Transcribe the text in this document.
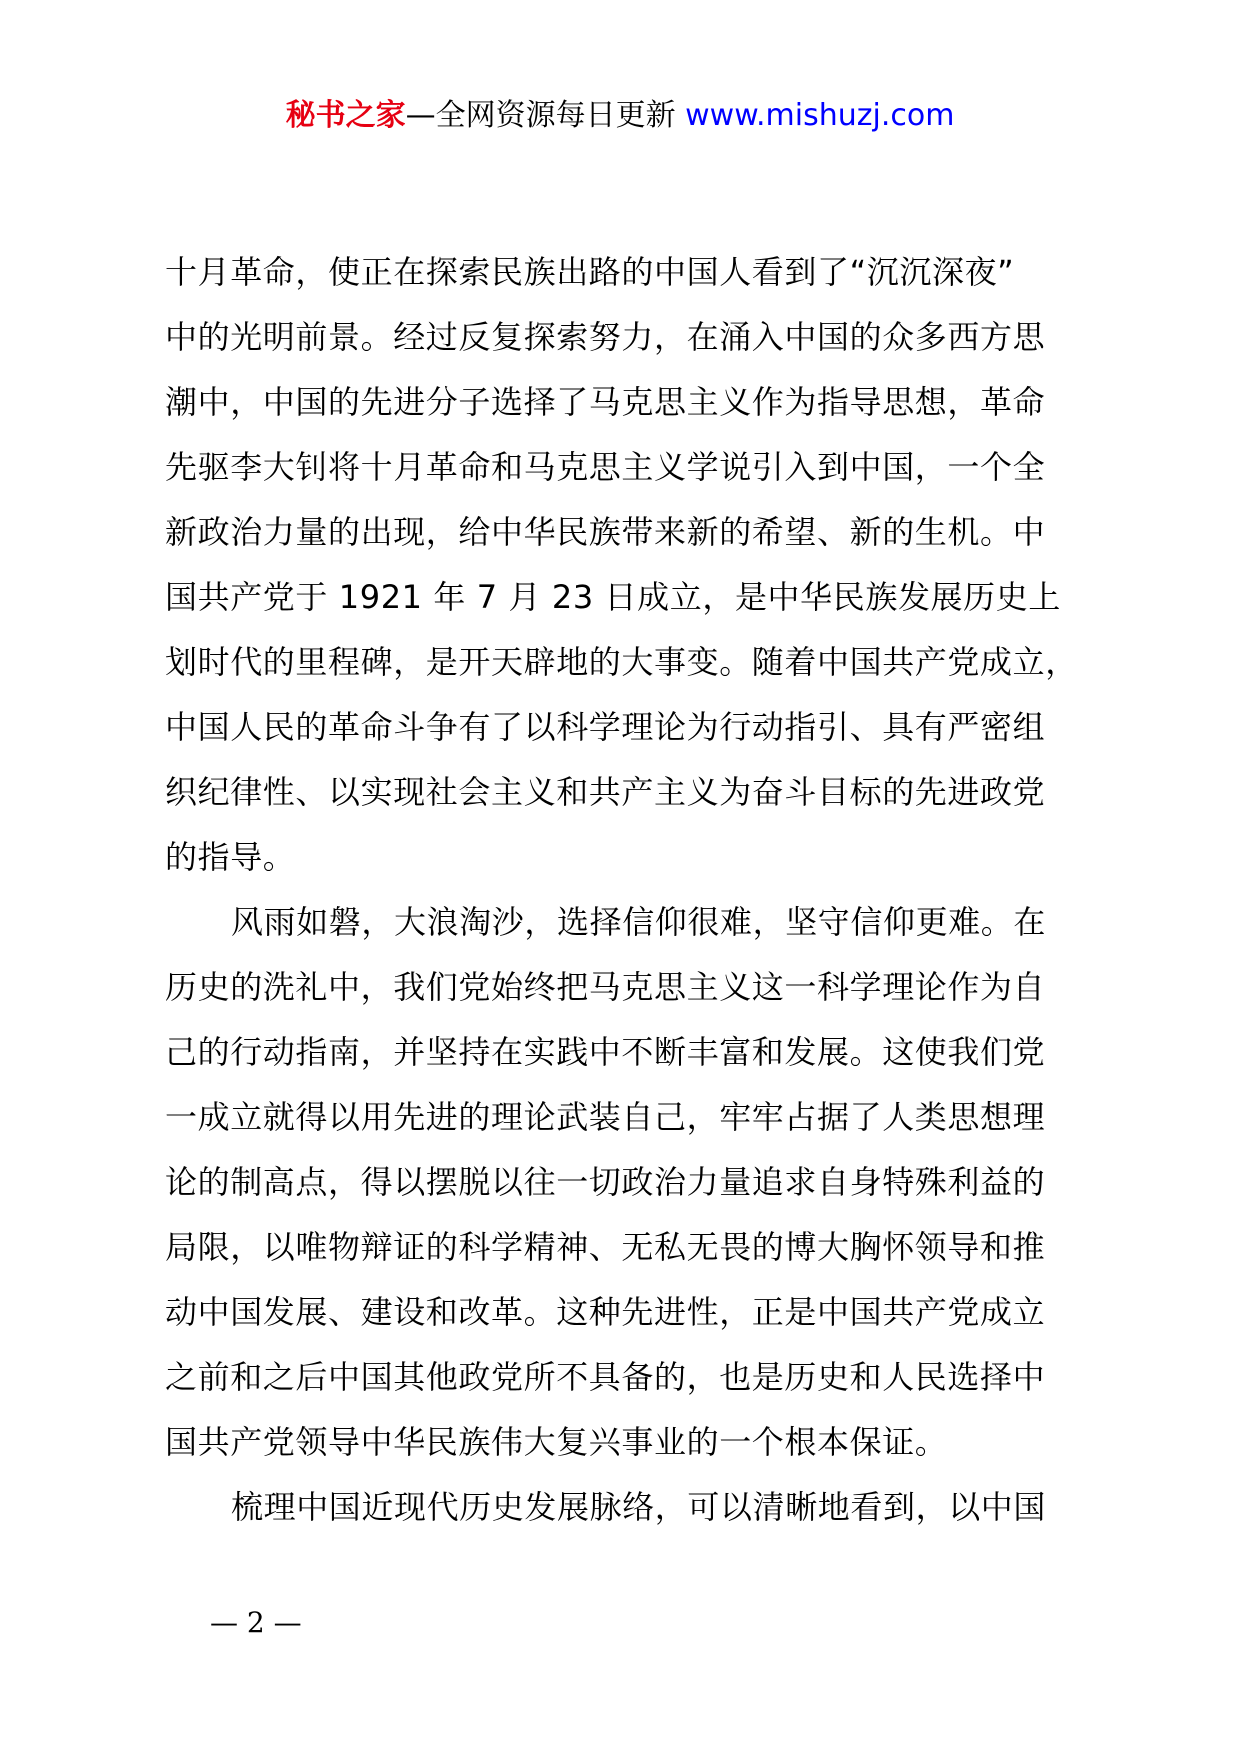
秘书之家—全网资源每日更新 www.mishuzj.com
十月革命，使正在探索民族出路的中国人看到了“沉沉深夜”
中的光明前景。经过反复探索努力，在涌入中国的众多西方思
潮中，中国的先进分子选择了马克思主义作为指导思想，革命
先驱李大钊将十月革命和马克思主义学说引入到中国，一个全
新政治力量的出现，给中华民族带来新的希望、新的生机。中
国共产党于 1921 年 7 月 23 日成立，是中华民族发展历史上
划时代的里程碑，是开天辟地的大事变。随着中国共产党成立，
中国人民的革命斗争有了以科学理论为行动指引、具有严密组
织纪律性、以实现社会主义和共产主义为奋斗目标的先进政党
的指导。
风雨如磐，大浪淘沙，选择信仰很难，坚守信仰更难。在
历史的洗礼中，我们党始终把马克思主义这一科学理论作为自
己的行动指南，并坚持在实践中不断丰富和发展。这使我们党
一成立就得以用先进的理论武装自己，牢牢占据了人类思想理
论的制高点，得以摆脱以往一切政治力量追求自身特殊利益的
局限，以唯物辩证的科学精神、无私无畏的博大胸怀领导和推
动中国发展、建设和改革。这种先进性，正是中国共产党成立
之前和之后中国其他政党所不具备的，也是历史和人民选择中
国共产党领导中华民族伟大复兴事业的一个根本保证。
梳理中国近现代历史发展脉络，可以清晰地看到，以中国
— 2 —
